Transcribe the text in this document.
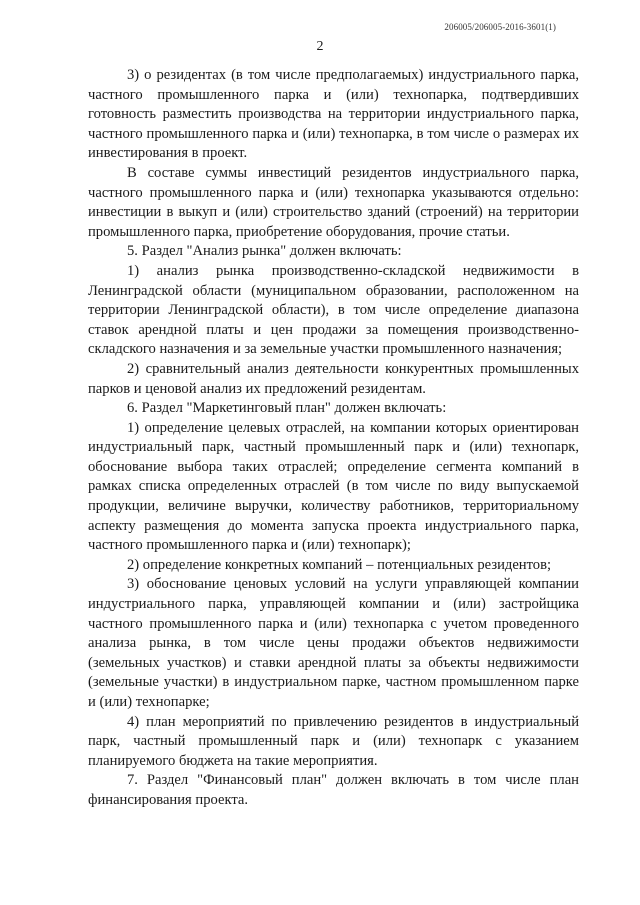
206005/206005-2016-3601(1)
2

3) о резидентах (в том числе предполагаемых) индустриального парка, частного промышленного парка и (или) технопарка, подтвердивших готовность разместить производства на территории индустриального парка, частного промышленного парка и (или) технопарка, в том числе о размерах их инвестирования в проект.

В составе суммы инвестиций резидентов индустриального парка, частного промышленного парка и (или) технопарка указываются отдельно: инвестиции в выкуп и (или) строительство зданий (строений) на территории промышленного парка, приобретение оборудования, прочие статьи.

5. Раздел "Анализ рынка" должен включать:

1) анализ рынка производственно-складской недвижимости в Ленинградской области (муниципальном образовании, расположенном на территории Ленинградской области), в том числе определение диапазона ставок арендной платы и цен продажи за помещения производственно-складского назначения и за земельные участки промышленного назначения;

2) сравнительный анализ деятельности конкурентных промышленных парков и ценовой анализ их предложений резидентам.

6. Раздел "Маркетинговый план" должен включать:

1) определение целевых отраслей, на компании которых ориентирован индустриальный парк, частный промышленный парк и (или) технопарк, обоснование выбора таких отраслей; определение сегмента компаний в рамках списка определенных отраслей (в том числе по виду выпускаемой продукции, величине выручки, количеству работников, территориальному аспекту размещения до момента запуска проекта индустриального парка, частного промышленного парка и (или) технопарк);

2) определение конкретных компаний – потенциальных резидентов;

3) обоснование ценовых условий на услуги управляющей компании индустриального парка, управляющей компании и (или) застройщика частного промышленного парка и (или) технопарка с учетом проведенного анализа рынка, в том числе цены продажи объектов недвижимости (земельных участков) и ставки арендной платы за объекты недвижимости (земельные участки) в индустриальном парке, частном промышленном парке и (или) технопарке;

4) план мероприятий по привлечению резидентов в индустриальный парк, частный промышленный парк и (или) технопарк с указанием планируемого бюджета на такие мероприятия.

7. Раздел "Финансовый план" должен включать в том числе план финансирования проекта.
